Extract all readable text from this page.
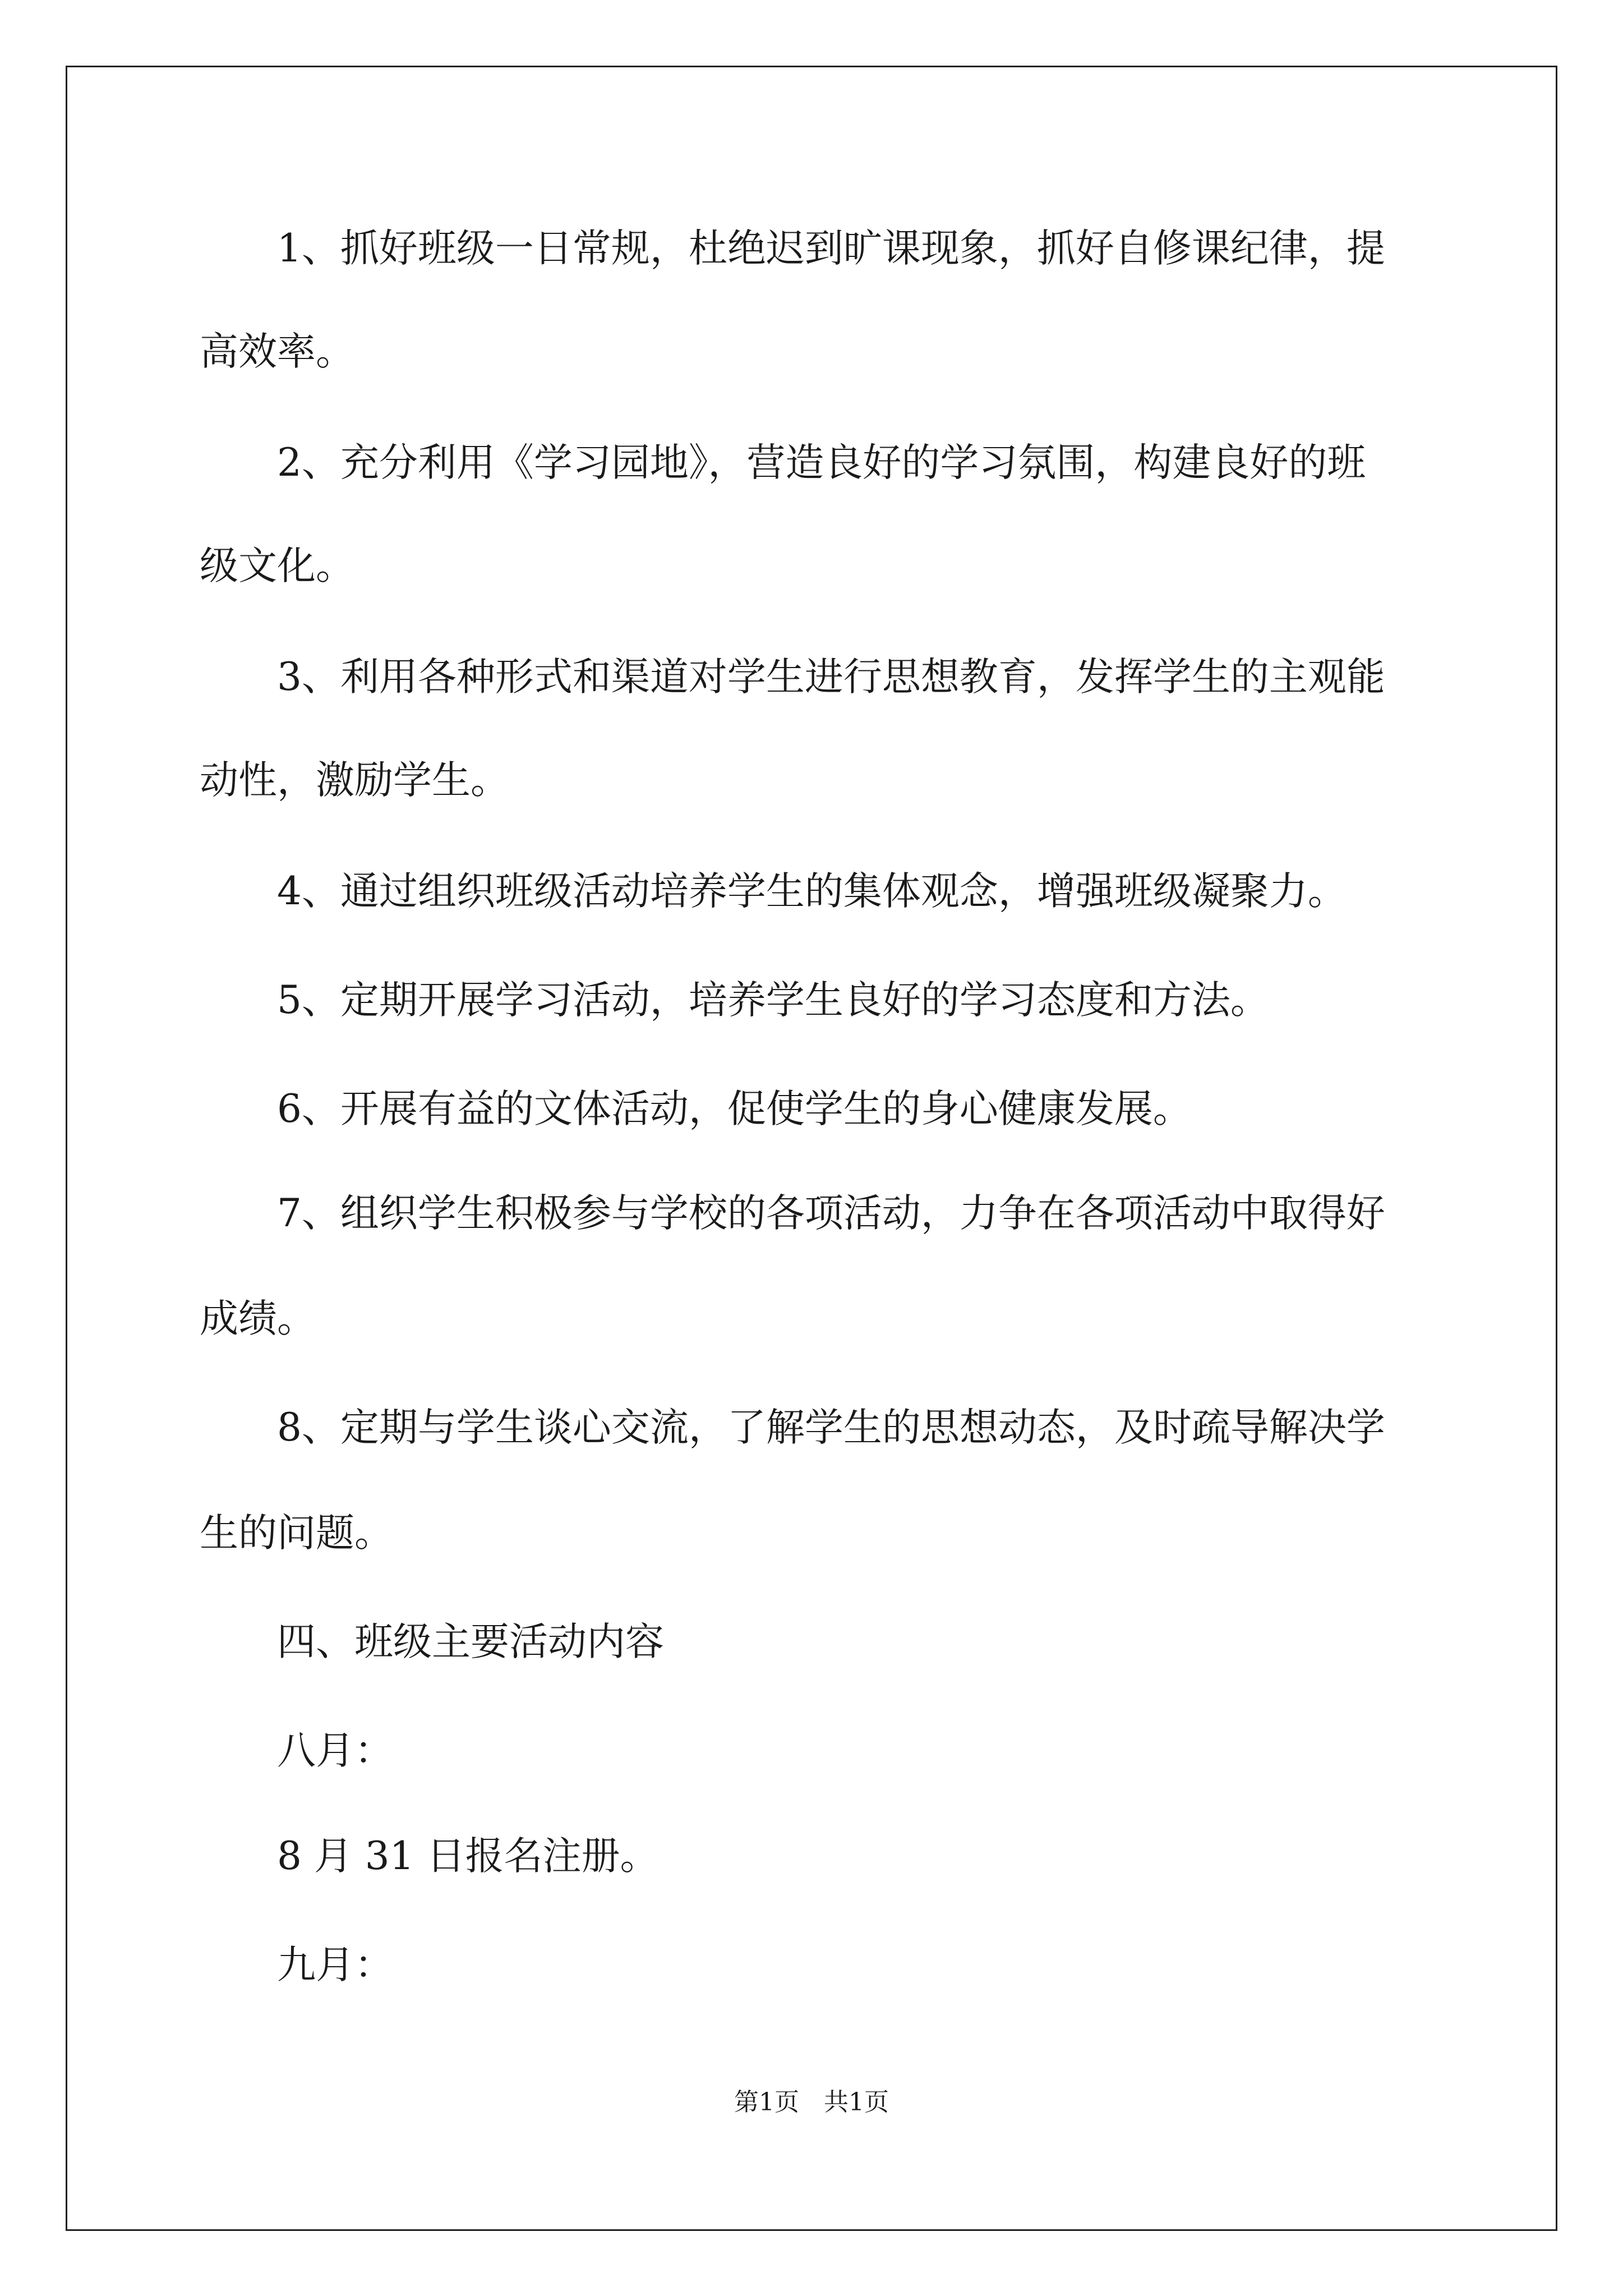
1、抓好班级一日常规，杜绝迟到旷课现象，抓好自修课纪律，提
高效率。
2、充分利用《学习园地》，营造良好的学习氛围，构建良好的班
级文化。
3、利用各种形式和渠道对学生进行思想教育，发挥学生的主观能
动性，激励学生。
4、通过组织班级活动培养学生的集体观念，增强班级凝聚力。
5、定期开展学习活动，培养学生良好的学习态度和方法。
6、开展有益的文体活动，促使学生的身心健康发展。
7、组织学生积极参与学校的各项活动，力争在各项活动中取得好
成绩。
8、定期与学生谈心交流，了解学生的思想动态，及时疏导解决学
生的问题。
四、班级主要活动内容
八月：
8 月 31 日报名注册。
九月：
第1页 共1页
